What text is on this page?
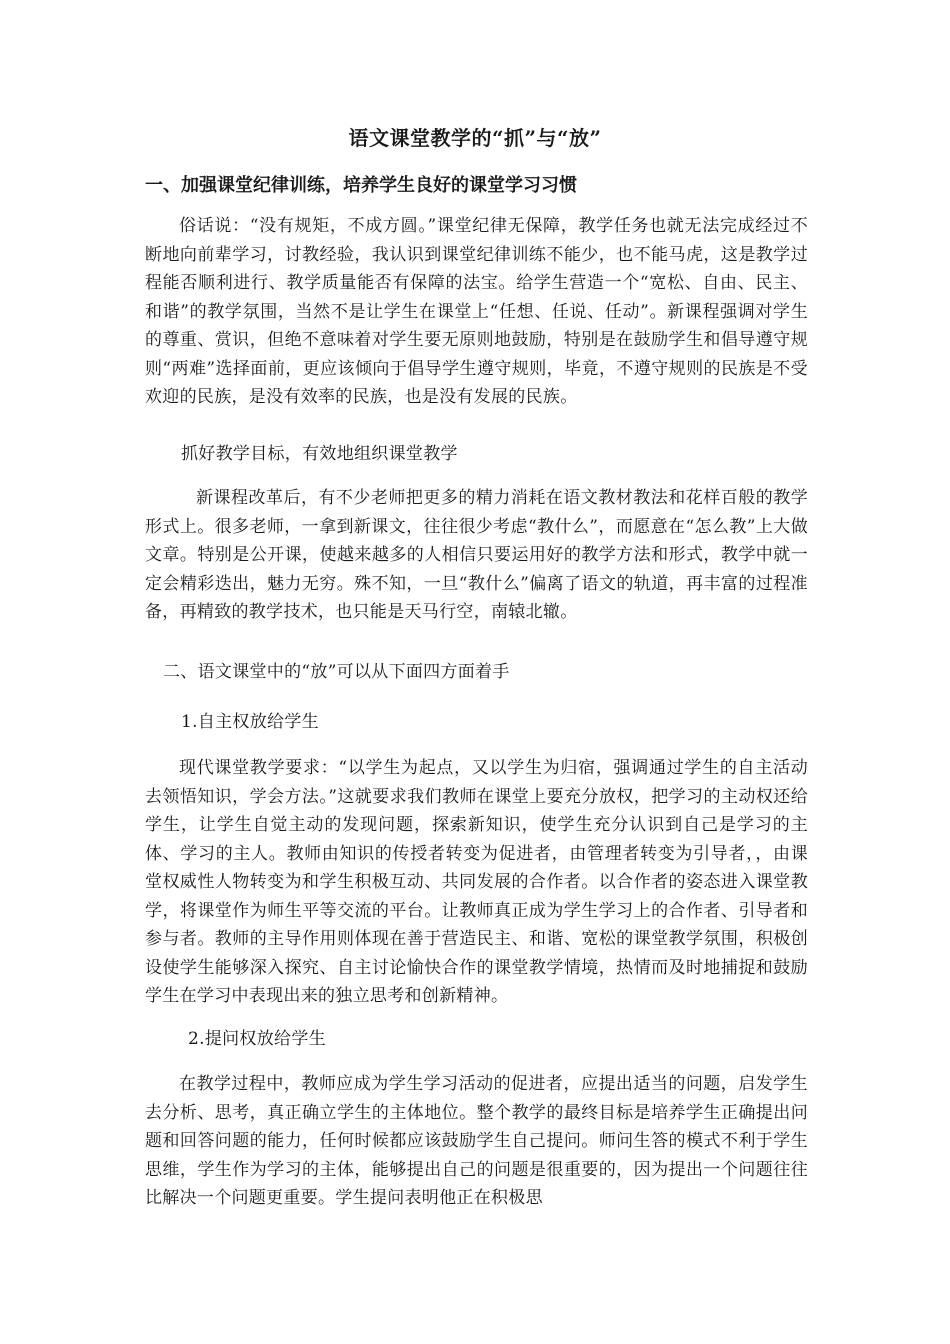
语文课堂教学的“抓”与“放”
一、加强课堂纪律训练，培养学生良好的课堂学习习惯

俗话说：“没有规矩，不成方圆。”课堂纪律无保障，教学任务也就无法完成经过不断地向前辈学习，讨教经验，我认识到课堂纪律训练不能少，也不能马虎，这是教学过程能否顺利进行、教学质量能否有保障的法宝。给学生营造一个“宽松、自由、民主、和谐”的教学氛围，当然不是让学生在课堂上“任想、任说、任动”。新课程强调对学生的尊重、赏识，但绝不意味着对学生要无原则地鼓励，特别是在鼓励学生和倡导遵守规则“两难”选择面前，更应该倾向于倡导学生遵守规则，毕竟，不遵守规则的民族是不受欢迎的民族，是没有效率的民族，也是没有发展的民族。

抓好教学目标，有效地组织课堂教学

新课程改革后，有不少老师把更多的精力消耗在语文教材教法和花样百般的教学形式上。很多老师，一拿到新课文，往往很少考虑“教什么”，而愿意在“怎么教”上大做文章。特别是公开课，使越来越多的人相信只要运用好的教学方法和形式，教学中就一定会精彩迭出，魅力无穷。殊不知，一旦“教什么”偏离了语文的轨道，再丰富的过程准备，再精致的教学技术，也只能是天马行空，南辕北辙。

二、语文课堂中的“放”可以从下面四方面着手

1.自主权放给学生

现代课堂教学要求：“以学生为起点，又以学生为归宿，强调通过学生的自主活动去领悟知识，学会方法。”这就要求我们教师在课堂上要充分放权，把学习的主动权还给学生，让学生自觉主动的发现问题，探索新知识，使学生充分认识到自己是学习的主体、学习的主人。教师由知识的传授者转变为促进者，由管理者转变为引导者，，由课堂权威性人物转变为和学生积极互动、共同发展的合作者。以合作者的姿态进入课堂教学，将课堂作为师生平等交流的平台。让教师真正成为学生学习上的合作者、引导者和参与者。教师的主导作用则体现在善于营造民主、和谐、宽松的课堂教学氛围，积极创设使学生能够深入探究、自主讨论愉快合作的课堂教学情境，热情而及时地捕捉和鼓励学生在学习中表现出来的独立思考和创新精神。

2.提问权放给学生

在教学过程中，教师应成为学生学习活动的促进者，应提出适当的问题，启发学生去分析、思考，真正确立学生的主体地位。整个教学的最终目标是培养学生正确提出问题和回答问题的能力，任何时候都应该鼓励学生自己提问。师问生答的模式不利于学生思维，学生作为学习的主体，能够提出自己的问题是很重要的，因为提出一个问题往往比解决一个问题更重要。学生提问表明他正在积极思
